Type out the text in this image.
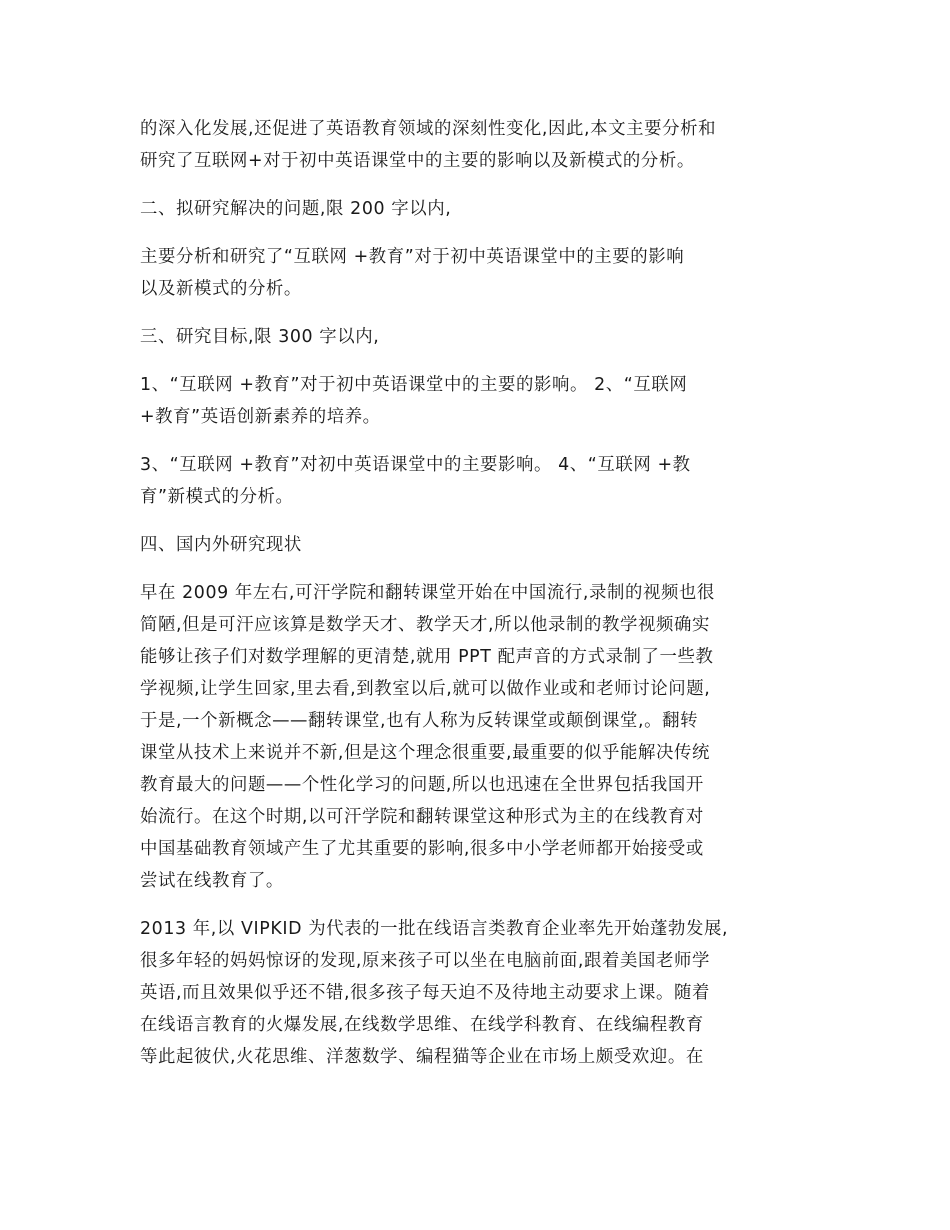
的深入化发展,还促进了英语教育领域的深刻性变化,因此,本文主要分析和
研究了互联网+对于初中英语课堂中的主要的影响以及新模式的分析。

二、拟研究解决的问题,限 200 字以内,

主要分析和研究了“互联网 +教育”对于初中英语课堂中的主要的影响
以及新模式的分析。

三、研究目标,限 300 字以内,

1、“互联网 +教育”对于初中英语课堂中的主要的影响。 2、“互联网
+教育”英语创新素养的培养。

3、“互联网 +教育”对初中英语课堂中的主要影响。 4、“互联网 +教
育”新模式的分析。

四、国内外研究现状

早在 2009 年左右,可汗学院和翻转课堂开始在中国流行,录制的视频也很
简陋,但是可汗应该算是数学天才、教学天才,所以他录制的教学视频确实
能够让孩子们对数学理解的更清楚,就用 PPT 配声音的方式录制了一些教
学视频,让学生回家,里去看,到教室以后,就可以做作业或和老师讨论问题,
于是,一个新概念——翻转课堂,也有人称为反转课堂或颠倒课堂,。翻转
课堂从技术上来说并不新,但是这个理念很重要,最重要的似乎能解决传统
教育最大的问题——个性化学习的问题,所以也迅速在全世界包括我国开
始流行。在这个时期,以可汗学院和翻转课堂这种形式为主的在线教育对
中国基础教育领域产生了尤其重要的影响,很多中小学老师都开始接受或
尝试在线教育了。

2013 年,以 VIPKID 为代表的一批在线语言类教育企业率先开始蓬勃发展,
很多年轻的妈妈惊讶的发现,原来孩子可以坐在电脑前面,跟着美国老师学
英语,而且效果似乎还不错,很多孩子每天迫不及待地主动要求上课。随着
在线语言教育的火爆发展,在线数学思维、在线学科教育、在线编程教育
等此起彼伏,火花思维、洋葱数学、编程猫等企业在市场上颇受欢迎。在
